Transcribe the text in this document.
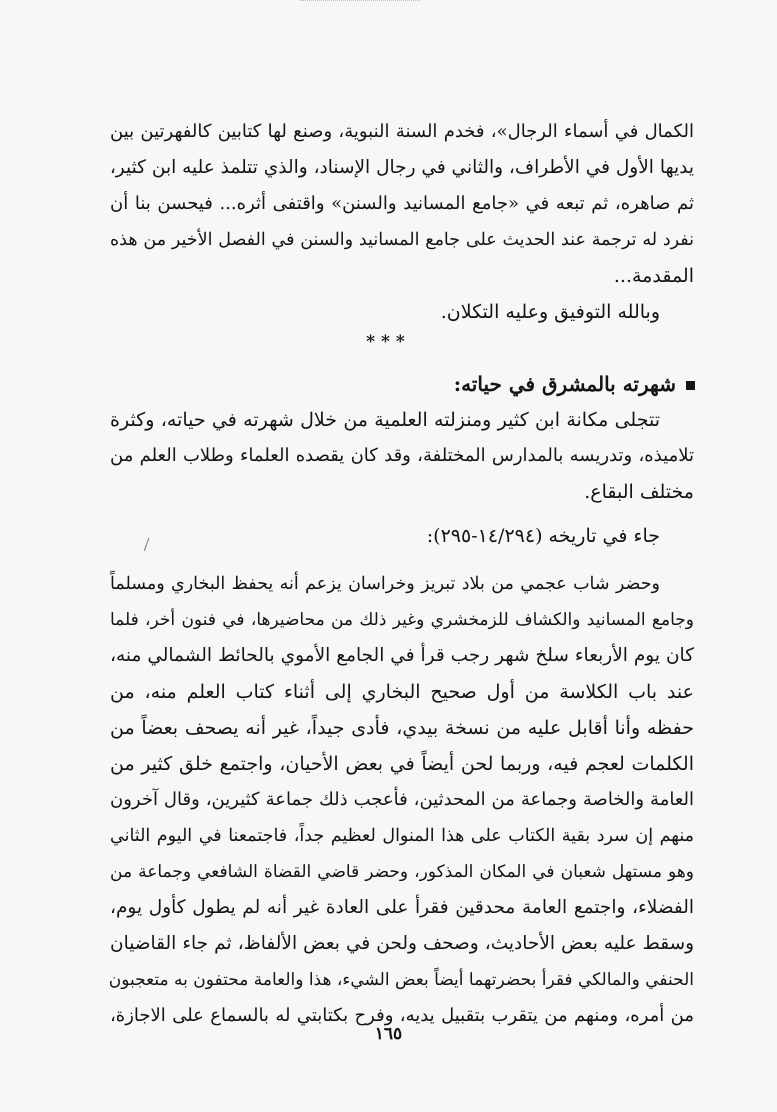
الكمال في أسماء الرجال»، فخدم السنة النبوية، وصنع لها كتابين كالفهرتين بين
يديها الأول في الأطراف، والثاني في رجال الإسناد، والذي تتلمذ عليه ابن كثير،
ثم صاهره، ثم تبعه في «جامع المسانيد والسنن» واقتفى أثره... فيحسن بنا أن
نفرد له ترجمة عند الحديث على جامع المسانيد والسنن في الفصل الأخير من هذه
المقدمة...
وبالله التوفيق وعليه التكلان.
***
شهرته بالمشرق في حياته:
تتجلى مكانة ابن كثير ومنزلته العلمية من خلال شهرته في حياته، وكثرة
تلاميذه، وتدريسه بالمدارس المختلفة، وقد كان يقصده العلماء وطلاب العلم من
مختلف البقاع.
جاء في تاريخه (١٤/٢٩٤-٢٩٥):
وحضر شاب عجمي من بلاد تبريز وخراسان يزعم أنه يحفظ البخاري ومسلماً
وجامع المسانيد والكشاف للزمخشري وغير ذلك من محاضيرها، في فنون أخر، فلما
كان يوم الأربعاء سلخ شهر رجب قرأ في الجامع الأموي بالحائط الشمالي منه،
عند باب الكلاسة من أول صحيح البخاري إلى أثناء كتاب العلم منه، من
حفظه وأنا أقابل عليه من نسخة بيدي، فأدى جيداً، غير أنه يصحف بعضاً من
الكلمات لعجم فيه، وربما لحن أيضاً في بعض الأحيان، واجتمع خلق كثير من
العامة والخاصة وجماعة من المحدثين، فأعجب ذلك جماعة كثيرين، وقال آخرون
منهم إن سرد بقية الكتاب على هذا المنوال لعظيم جداً، فاجتمعنا في اليوم الثاني
وهو مستهل شعبان في المكان المذكور، وحضر قاضي القضاة الشافعي وجماعة من
الفضلاء، واجتمع العامة محدقين فقرأ على العادة غير أنه لم يطول كأول يوم،
وسقط عليه بعض الأحاديث، وصحف ولحن في بعض الألفاظ، ثم جاء القاضيان
الحنفي والمالكي فقرأ بحضرتهما أيضاً بعض الشيء، هذا والعامة محتفون به متعجبون
من أمره، ومنهم من يتقرب بتقبيل يديه، وفرح بكتابتي له بالسماع على الاجازة،
١٦٥
